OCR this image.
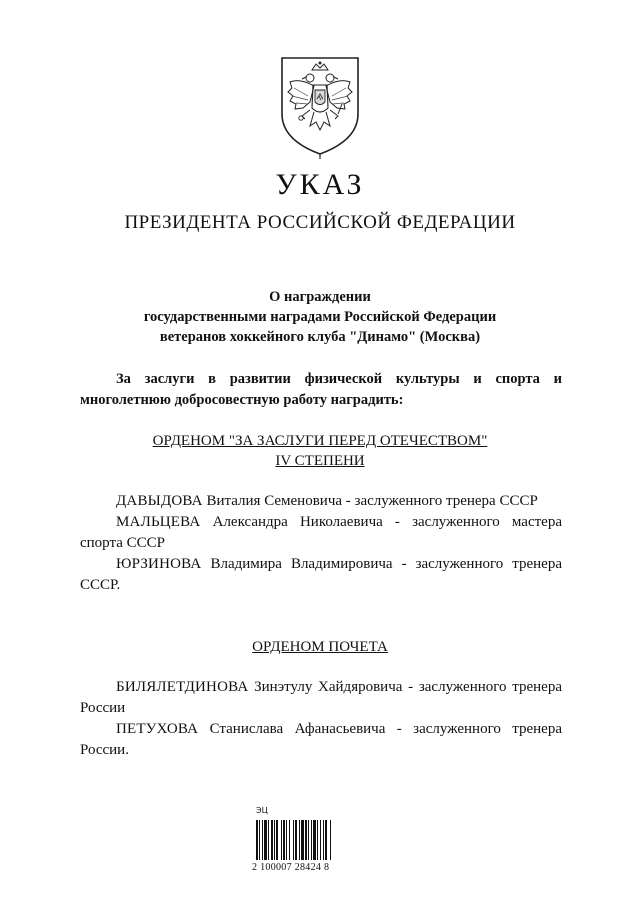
УКАЗ
ПРЕЗИДЕНТА РОССИЙСКОЙ ФЕДЕРАЦИИ
О награждении
государственными наградами Российской Федерации
ветеранов хоккейного клуба "Динамо" (Москва)
За заслуги в развитии физической культуры и спорта и многолетнюю добросовестную работу наградить:
ОРДЕНОМ "ЗА ЗАСЛУГИ ПЕРЕД ОТЕЧЕСТВОМ"
IV СТЕПЕНИ
ДАВЫДОВА Виталия Семеновича - заслуженного тренера СССР
МАЛЬЦЕВА Александра Николаевича - заслуженного мастера спорта СССР
ЮРЗИНОВА Владимира Владимировича - заслуженного тренера СССР.
ОРДЕНОМ ПОЧЕТА
БИЛЯЛЕТДИНОВА Зинэтулу Хайдяровича - заслуженного тренера России
ПЕТУХОВА Станислава Афанасьевича - заслуженного тренера России.
ЭЦ
2 100007 28424 8
